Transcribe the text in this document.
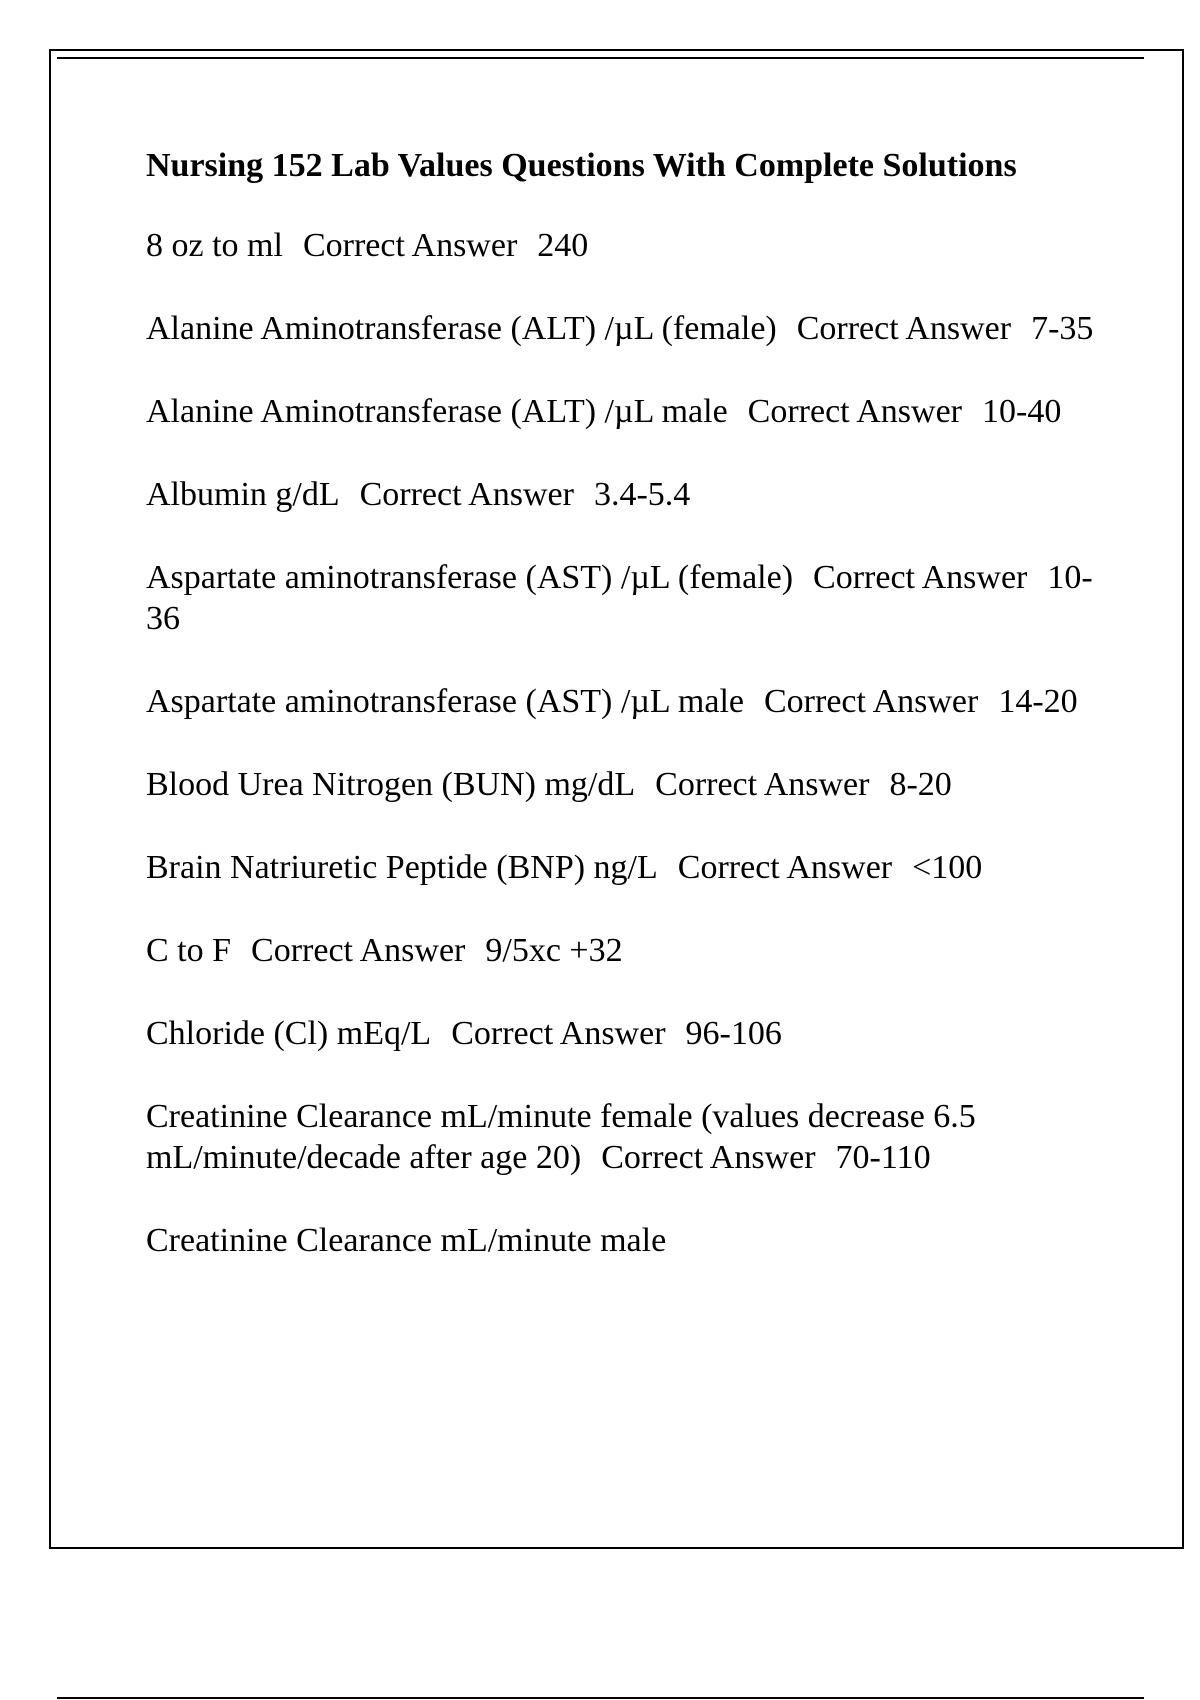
Nursing 152 Lab Values Questions With Complete Solutions
8 oz to ml Correct Answer 240
Alanine Aminotransferase (ALT) /µL (female) Correct Answer 7-35
Alanine Aminotransferase (ALT) /µL male Correct Answer 10-40
Albumin g/dL Correct Answer 3.4-5.4
Aspartate aminotransferase (AST) /µL (female) Correct Answer 10-36
Aspartate aminotransferase (AST) /µL male Correct Answer 14-20
Blood Urea Nitrogen (BUN) mg/dL Correct Answer 8-20
Brain Natriuretic Peptide (BNP) ng/L Correct Answer <100
C to F Correct Answer 9/5xc +32
Chloride (Cl) mEq/L Correct Answer 96-106
Creatinine Clearance mL/minute female (values decrease 6.5 mL/minute/decade after age 20) Correct Answer 70-110
Creatinine Clearance mL/minute male
